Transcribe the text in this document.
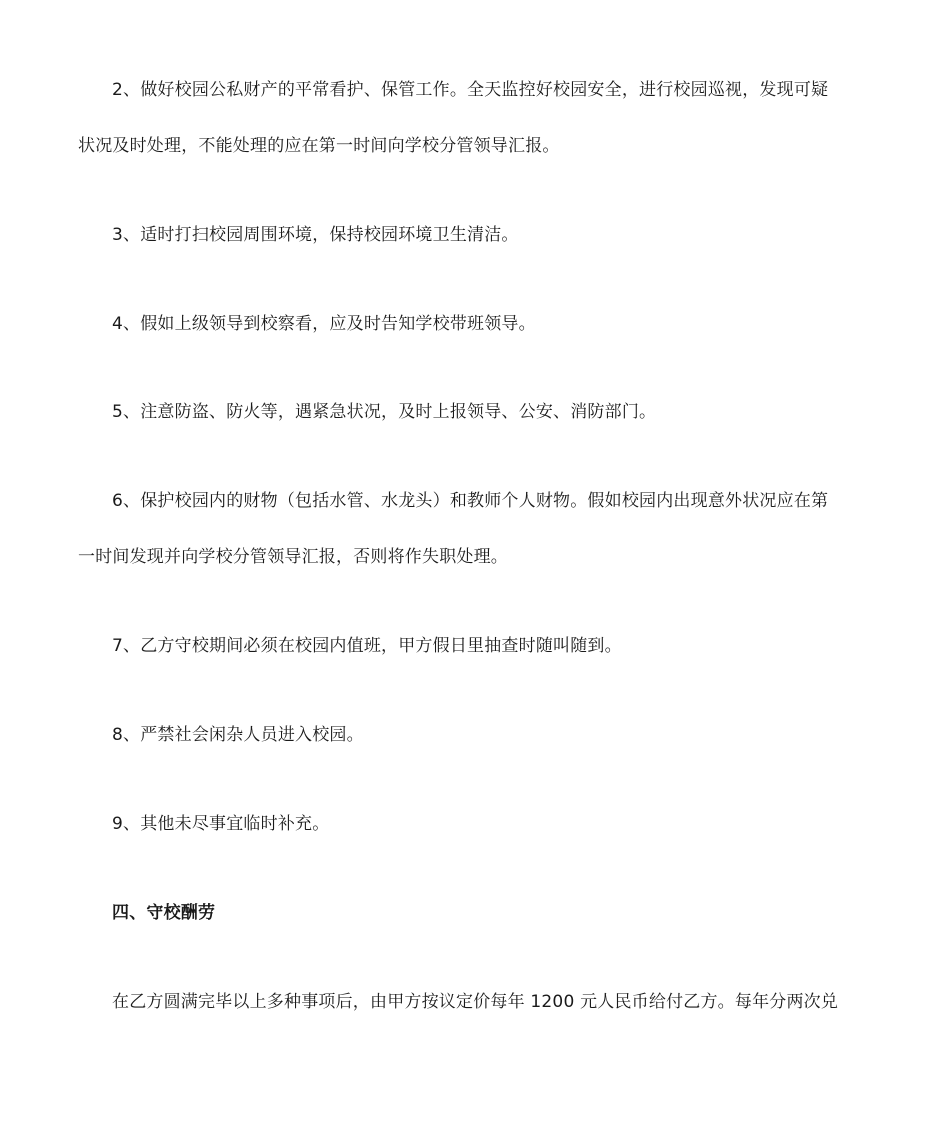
2、做好校园公私财产的平常看护、保管工作。全天监控好校园安全，进行校园巡视，发现可疑
状况及时处理，不能处理的应在第一时间向学校分管领导汇报。
3、适时打扫校园周围环境，保持校园环境卫生清洁。
4、假如上级领导到校察看，应及时告知学校带班领导。
5、注意防盗、防火等，遇紧急状况，及时上报领导、公安、消防部门。
6、保护校园内的财物（包括水管、水龙头）和教师个人财物。假如校园内出现意外状况应在第
一时间发现并向学校分管领导汇报，否则将作失职处理。
7、乙方守校期间必须在校园内值班，甲方假日里抽查时随叫随到。
8、严禁社会闲杂人员进入校园。
9、其他未尽事宜临时补充。
四、守校酬劳
在乙方圆满完毕以上多种事项后，由甲方按议定价每年 1200 元人民币给付乙方。每年分两次兑
